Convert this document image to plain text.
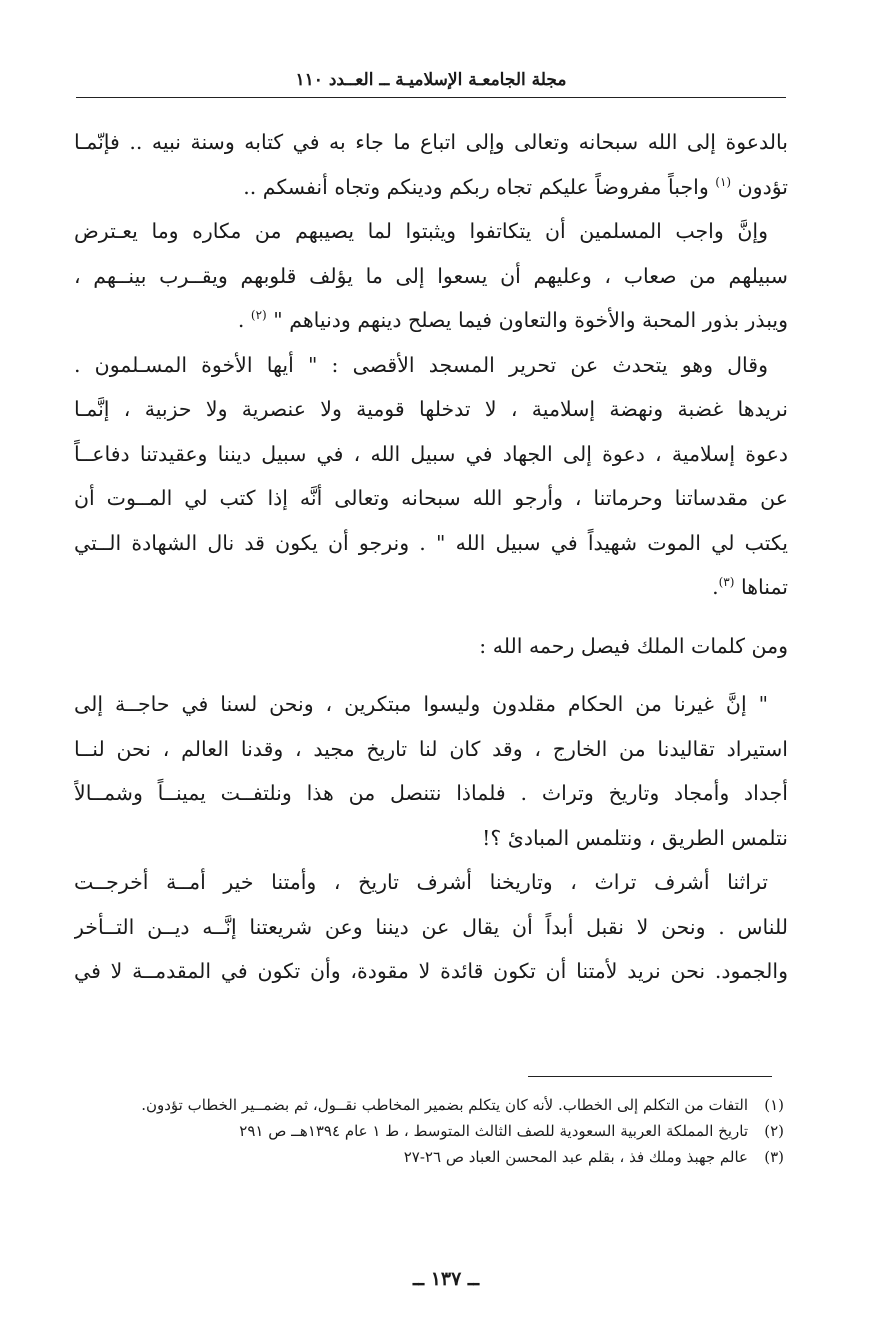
مجلة الجامعـة الإسلاميـة ــ العــدد ١١٠
بالدعوة إلى الله سبحانه وتعالى وإلى اتباع ما جاء به في كتابه وسنة نبيه .. فإنّمـا
تؤدون $^{(١)}$ واجباً مفروضاً عليكم تجاه ربكم ودينكم وتجاه أنفسكم ..
وإنَّ واجب المسلمين أن يتكاتفوا ويثبتوا لما يصيبهم من مكاره وما يعـترض
سبيلهم من صعاب ، وعليهم أن يسعوا إلى ما يؤلف قلوبهم ويقــرب بينــهم ،
ويبذر بذور المحبة والأخوة والتعاون فيما يصلح دينهم ودنياهم " $^{(٢)}$ .
وقال وهو يتحدث عن تحرير المسجد الأقصى : " أيها الأخوة المسـلمون .
نريدها غضبة ونهضة إسلامية ، لا تدخلها قومية ولا عنصرية ولا حزبية ، إنَّمـا
دعوة إسلامية ، دعوة إلى الجهاد في سبيل الله ، في سبيل ديننا وعقيدتنا دفاعــاً
عن مقدساتنا وحرماتنا ، وأرجو الله سبحانه وتعالى أنَّه إذا كتب لي المــوت أن
يكتب لي الموت شهيداً في سبيل الله " . ونرجو أن يكون قد نال الشهادة الــتي
تمناها $^{(٣)}$.
ومن كلمات الملك فيصل رحمه الله :
" إنَّ غيرنا من الحكام مقلدون وليسوا مبتكرين ، ونحن لسنا في حاجــة إلى
استيراد تقاليدنا من الخارج ، وقد كان لنا تاريخ مجيد ، وقدنا العالم ، نحن لنــا
أجداد وأمجاد وتاريخ وتراث . فلماذا نتنصل من هذا ونلتفــت يمينــاً وشمــالاً
نتلمس الطريق ، ونتلمس المبادئ ؟!
تراثنا أشرف تراث ، وتاريخنا أشرف تاريخ ، وأمتنا خير أمــة أخرجــت
للناس . ونحن لا نقبل أبداً أن يقال عن ديننا وعن شريعتنا إنَّــه ديــن التــأخر
والجمود. نحن نريد لأمتنا أن تكون قائدة لا مقودة، وأن تكون في المقدمــة لا في
(١)
التفات من التكلم إلى الخطاب. لأنه كان يتكلم بضمير المخاطب نقــول، ثم بضمــير الخطاب تؤدون.
(٢)
تاريخ المملكة العربية السعودية للصف الثالث المتوسط ، ط ١ عام ١٣٩٤هــ ص ٢٩١
(٣)
عالم جهبذ وملك فذ ، بقلم عبد المحسن العباد ص ٢٦-٢٧
ــ ١٣٧ ــ
